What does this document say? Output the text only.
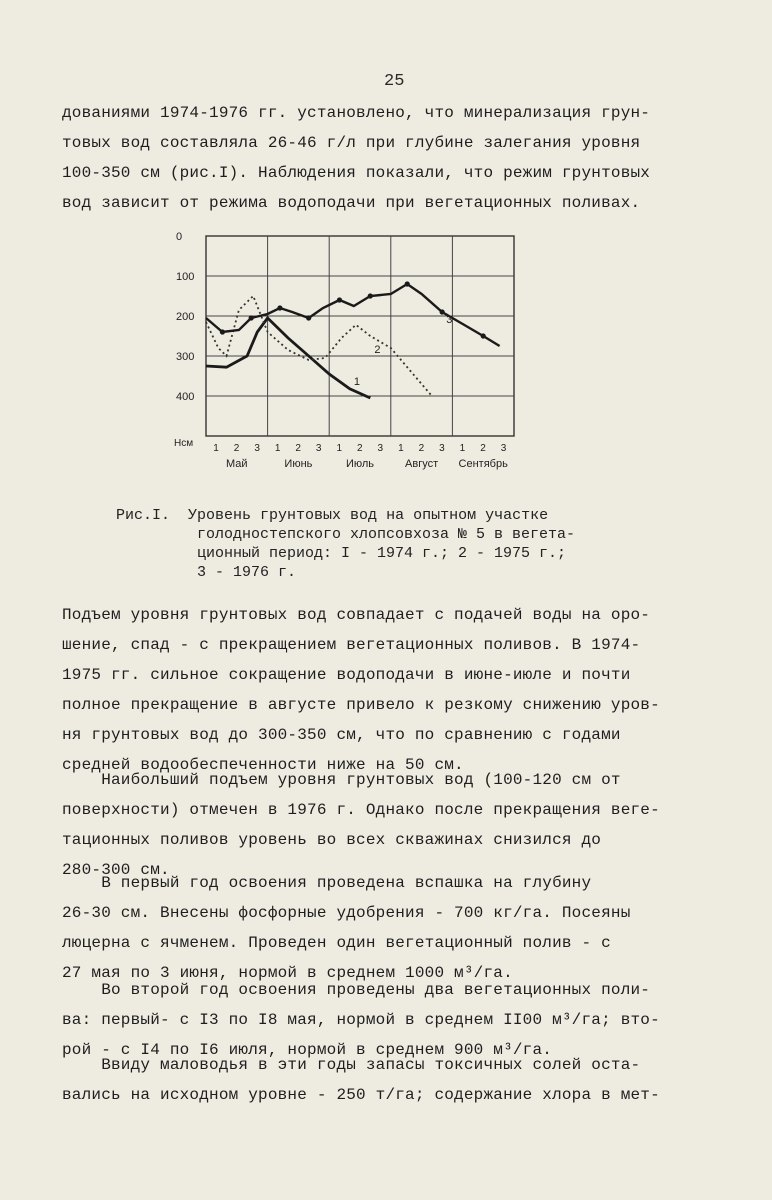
25

дованиями 1974-1976 гг. установлено, что минерализация грун-
товых вод составляла 26-46 г/л при глубине залегания уровня
100-350 см (рис.I). Наблюдения показали, что режим грунтовых
вод зависит от режима водоподачи при вегетационных поливах.

0
100
200
300
400
Hсм 1 2 3 1 2 3 1 2 3 1 2 3 1 2 3
Май	Июнь	Июль	Август Сентябрь
1
2
3
Рис.I. Уровень грунтовых вод на опытном участке
голодностепского хлопсовхоза № 5 в вегета-
ционный период: I - 1974 г.; 2 - 1975 г.;
3 - 1976 г.

Подъем уровня грунтовых вод совпадает с подачей воды на оро-
шение, спад - с прекращением вегетационных поливов. В 1974-
1975 гг. сильное сокращение водоподачи в июне-июле и почти
полное прекращение в августе привело к резкому снижению уров-
ня грунтовых вод до 300-350 см, что по сравнению с годами
средней водообеспеченности ниже на 50 см.

Наибольший подъем уровня грунтовых вод (100-120 см от
поверхности) отмечен в 1976 г. Однако после прекращения веге-
тационных поливов уровень во всех скважинах снизился до
280-300 см.

В первый год освоения проведена вспашка на глубину
26-30 см. Внесены фосфорные удобрения - 700 кг/га. Посеяны
люцерна с ячменем. Проведен один вегетационный полив - с
27 мая по 3 июня, нормой в среднем 1000 м³/га.

Во второй год освоения проведены два вегетационных поли-
ва: первый- с I3 по I8 мая, нормой в среднем II00 м³/га; вто-
рой - с I4 по I6 июля, нормой в среднем 900 м³/га.

Ввиду маловодья в эти годы запасы токсичных солей оста-
вались на исходном уровне - 250 т/га; содержание хлора в мет-
